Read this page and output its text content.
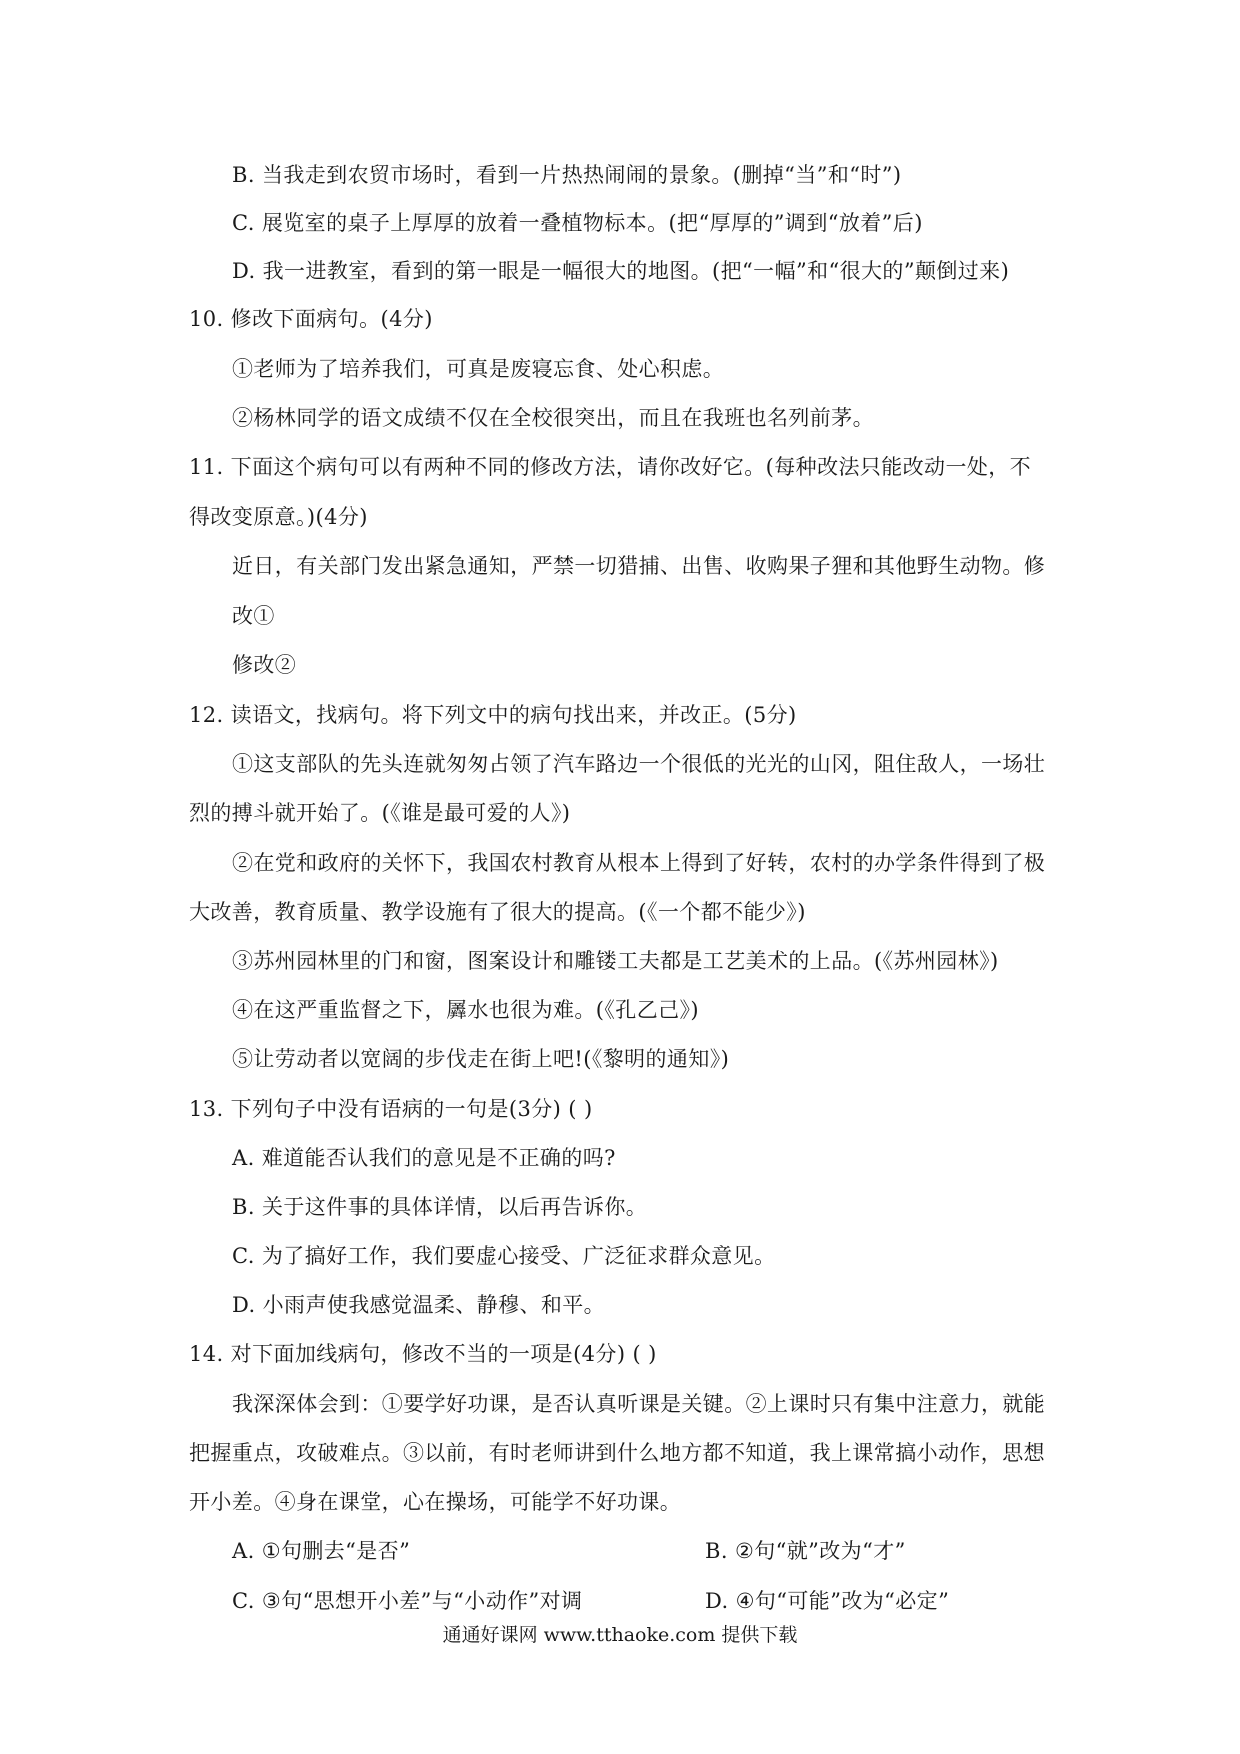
B. 当我走到农贸市场时，看到一片热热闹闹的景象。(删掉“当”和“时”)
C. 展览室的桌子上厚厚的放着一叠植物标本。(把“厚厚的”调到“放着”后)
D. 我一进教室，看到的第一眼是一幅很大的地图。(把“一幅”和“很大的”颠倒过来)
10. 修改下面病句。(4分)
①老师为了培养我们，可真是废寝忘食、处心积虑。
②杨林同学的语文成绩不仅在全校很突出，而且在我班也名列前茅。
11. 下面这个病句可以有两种不同的修改方法，请你改好它。(每种改法只能改动一处，不
得改变原意。)(4分)
近日，有关部门发出紧急通知，严禁一切猎捕、出售、收购果子狸和其他野生动物。修
改①
修改②
12. 读语文，找病句。将下列文中的病句找出来，并改正。(5分)
①这支部队的先头连就匆匆占领了汽车路边一个很低的光光的山冈，阻住敌人，一场壮
烈的搏斗就开始了。(《谁是最可爱的人》)
②在党和政府的关怀下，我国农村教育从根本上得到了好转，农村的办学条件得到了极
大改善，教育质量、教学设施有了很大的提高。(《一个都不能少》)
③苏州园林里的门和窗，图案设计和雕镂工夫都是工艺美术的上品。(《苏州园林》)
④在这严重监督之下，羼水也很为难。(《孔乙己》)
⑤让劳动者以宽阔的步伐走在街上吧!(《黎明的通知》)
13. 下列句子中没有语病的一句是(3分) ( )
A. 难道能否认我们的意见是不正确的吗?
B. 关于这件事的具体详情，以后再告诉你。
C. 为了搞好工作，我们要虚心接受、广泛征求群众意见。
D. 小雨声使我感觉温柔、静穆、和平。
14. 对下面加线病句，修改不当的一项是(4分) ( )
我深深体会到：①要学好功课，是否认真听课是关键。②上课时只有集中注意力，就能
把握重点，攻破难点。③以前，有时老师讲到什么地方都不知道，我上课常搞小动作，思想
开小差。④身在课堂，心在操场，可能学不好功课。
A. ①句删去“是否”	B. ②句“就”改为“才”
C. ③句“思想开小差”与“小动作”对调	D. ④句“可能”改为“必定”
通通好课网 www.tthaoke.com 提供下载
